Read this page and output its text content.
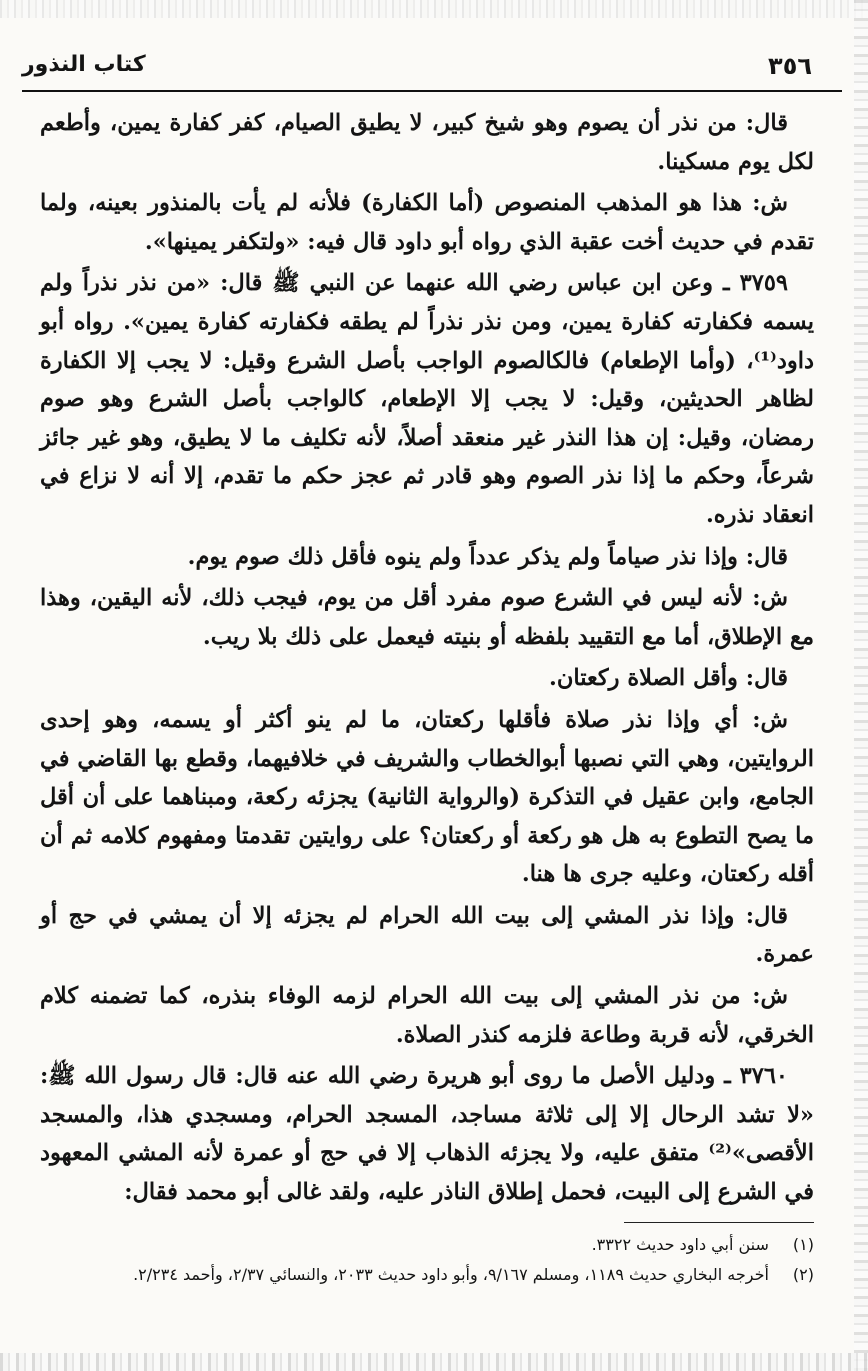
٣٥٦
كتاب النذور

قال: من نذر أن يصوم وهو شيخ كبير، لا يطيق الصيام، كفر كفارة يمين، وأطعم لكل يوم مسكينا.

ش: هذا هو المذهب المنصوص (أما الكفارة) فلأنه لم يأت بالمنذور بعينه، ولما تقدم في حديث أخت عقبة الذي رواه أبو داود قال فيه: «ولتكفر يمينها».

٣٧٥٩ ـ وعن ابن عباس رضي الله عنهما عن النبي ﷺ قال: «من نذر نذراً ولم يسمه فكفارته كفارة يمين، ومن نذر نذراً لم يطقه فكفارته كفارة يمين». رواه أبو داود⁽¹⁾، (وأما الإطعام) فالكالصوم الواجب بأصل الشرع وقيل: لا يجب إلا الكفارة لظاهر الحديثين، وقيل: لا يجب إلا الإطعام، كالواجب بأصل الشرع وهو صوم رمضان، وقيل: إن هذا النذر غير منعقد أصلاً، لأنه تكليف ما لا يطيق، وهو غير جائز شرعاً، وحكم ما إذا نذر الصوم وهو قادر ثم عجز حكم ما تقدم، إلا أنه لا نزاع في انعقاد نذره.

قال: وإذا نذر صياماً ولم يذكر عدداً ولم ينوه فأقل ذلك صوم يوم.

ش: لأنه ليس في الشرع صوم مفرد أقل من يوم، فيجب ذلك، لأنه اليقين، وهذا مع الإطلاق، أما مع التقييد بلفظه أو بنيته فيعمل على ذلك بلا ريب.

قال: وأقل الصلاة ركعتان.

ش: أي وإذا نذر صلاة فأقلها ركعتان، ما لم ينو أكثر أو يسمه، وهو إحدى الروايتين، وهي التي نصبها أبوالخطاب والشريف في خلافيهما، وقطع بها القاضي في الجامع، وابن عقيل في التذكرة (والرواية الثانية) يجزئه ركعة، ومبناهما على أن أقل ما يصح التطوع به هل هو ركعة أو ركعتان؟ على روايتين تقدمتا ومفهوم كلامه ثم أن أقله ركعتان، وعليه جرى ها هنا.

قال: وإذا نذر المشي إلى بيت الله الحرام لم يجزئه إلا أن يمشي في حج أو عمرة.

ش: من نذر المشي إلى بيت الله الحرام لزمه الوفاء بنذره، كما تضمنه كلام الخرقي، لأنه قربة وطاعة فلزمه كنذر الصلاة.

٣٧٦٠ ـ ودليل الأصل ما روى أبو هريرة رضي الله عنه قال: قال رسول الله ﷺ: «لا تشد الرحال إلا إلى ثلاثة مساجد، المسجد الحرام، ومسجدي هذا، والمسجد الأقصى»⁽²⁾ متفق عليه، ولا يجزئه الذهاب إلا في حج أو عمرة لأنه المشي المعهود في الشرع إلى البيت، فحمل إطلاق الناذر عليه، ولقد غالى أبو محمد فقال:

(١) سنن أبي داود حديث ٣٣٢٢.

(٢) أخرجه البخاري حديث ١١٨٩، ومسلم ٩/١٦٧، وأبو داود حديث ٢٠٣٣، والنسائي ٢/٣٧، وأحمد ٢/٢٣٤.
